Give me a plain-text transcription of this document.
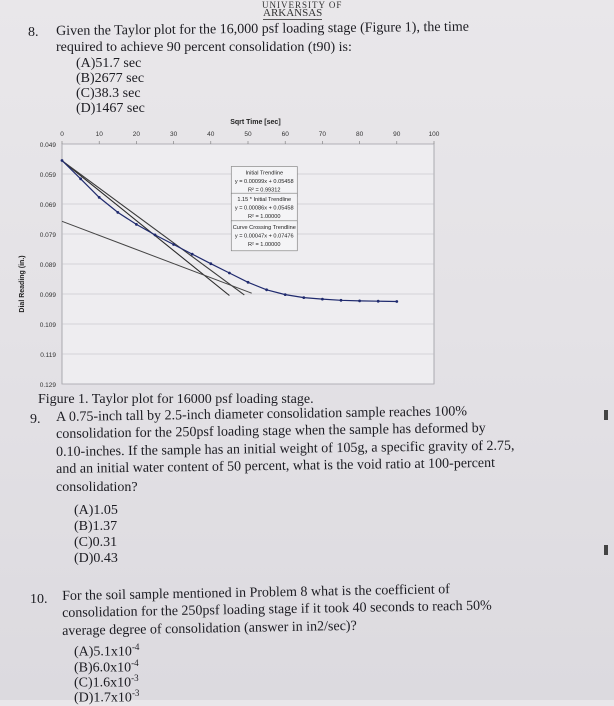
UNIVERSITY OF
ARKANSAS
8. Given the Taylor plot for the 16,000 psf loading stage (Figure 1), the time
required to achieve 90 percent consolidation (t90) is:
(A)51.7 sec
(B)2677 sec
(C)38.3 sec
(D)1467 sec
0.049
0.059
0.069
0.079
0.089
0.099
0.109
0.119
0.129
0	10	20	30	40	50	60	70	80	90	100
Sqrt Time [sec]
Dial Reading (in.)
Initial Trendline
y = 0.00099x + 0.05458
R² = 0.99312
1.15 * Initial Trendline
y = 0.00086x + 0.05458
R² = 1.00000
Curve Crossing Trendline
y = 0.00047x + 0.07476
R² = 1.00000
Figure 1. Taylor plot for 16000 psf loading stage.
9. A 0.75-inch tall by 2.5-inch diameter consolidation sample reaches 100%
consolidation for the 250psf loading stage when the sample has deformed by
0.10-inches. If the sample has an initial weight of 105g, a specific gravity of 2.75,
and an initial water content of 50 percent, what is the void ratio at 100-percent
consolidation?
(A)1.05
(B)1.37
(C)0.31
(D)0.43
10. For the soil sample mentioned in Problem 8 what is the coefficient of
consolidation for the 250psf loading stage if it took 40 seconds to reach 50%
average degree of consolidation (answer in in2/sec)?
$(A)5.1x10^{-4}$
$(B)6.0x10^{-4}$
$(C)1.6x10^{-3}$
$(D)1.7x10^{-3}$
